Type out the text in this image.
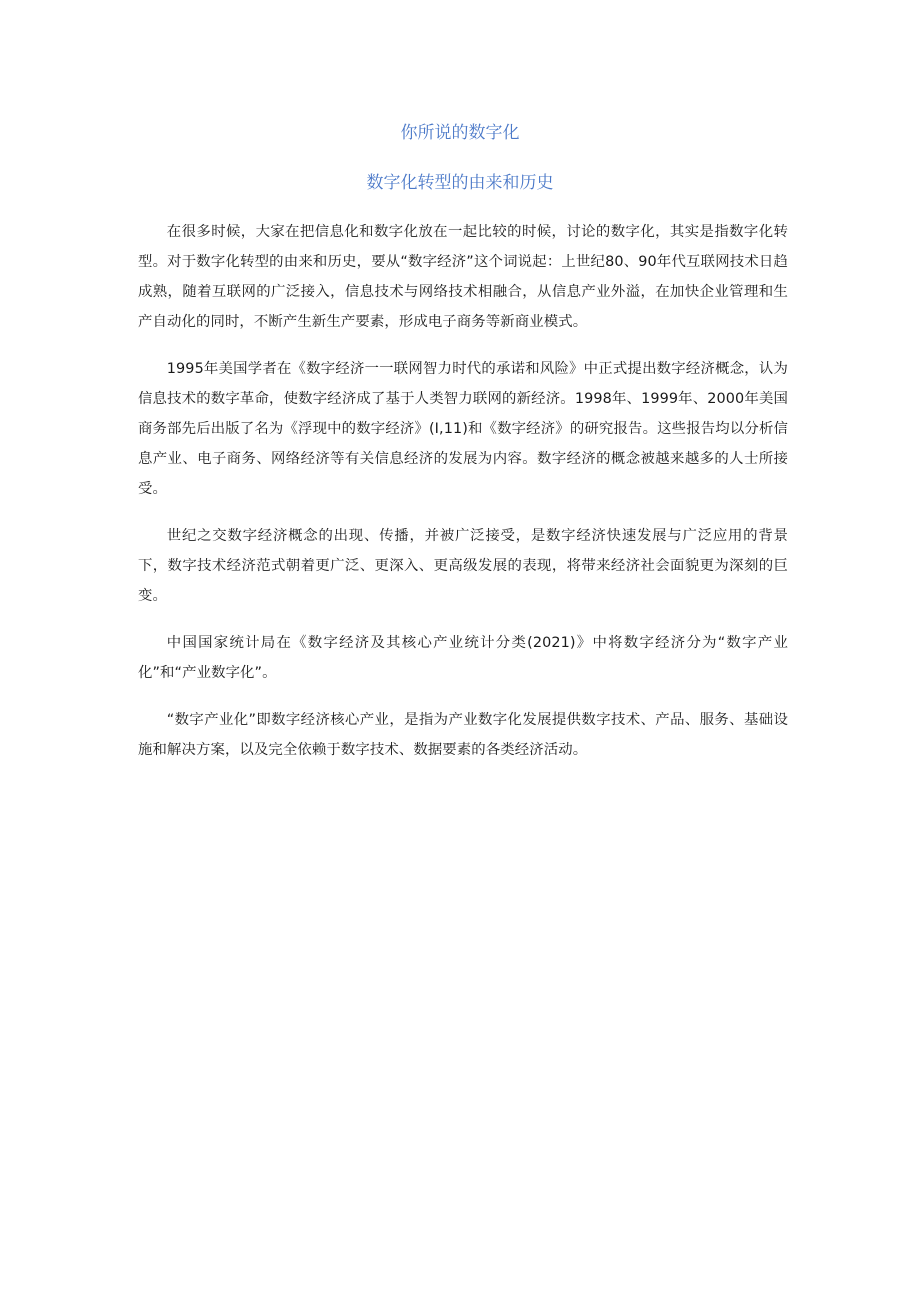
你所说的数字化
数字化转型的由来和历史

在很多时候，大家在把信息化和数字化放在一起比较的时候，讨论的数字化，其实是指数字化转型。对于数字化转型的由来和历史，要从“数字经济”这个词说起：上世纪80、90年代互联网技术日趋成熟，随着互联网的广泛接入，信息技术与网络技术相融合，从信息产业外溢，在加快企业管理和生产自动化的同时，不断产生新生产要素，形成电子商务等新商业模式。

1995年美国学者在《数字经济一一联网智力时代的承诺和风险》中正式提出数字经济概念，认为信息技术的数字革命，使数字经济成了基于人类智力联网的新经济。1998年、1999年、2000年美国商务部先后出版了名为《浮现中的数字经济》(I,11)和《数字经济》的研究报告。这些报告均以分析信息产业、电子商务、网络经济等有关信息经济的发展为内容。数字经济的概念被越来越多的人士所接受。

世纪之交数字经济概念的出现、传播，并被广泛接受，是数字经济快速发展与广泛应用的背景下，数字技术经济范式朝着更广泛、更深入、更高级发展的表现，将带来经济社会面貌更为深刻的巨变。

中国国家统计局在《数字经济及其核心产业统计分类(2021)》中将数字经济分为“数字产业化”和“产业数字化”。

“数字产业化”即数字经济核心产业，是指为产业数字化发展提供数字技术、产品、服务、基础设施和解决方案，以及完全依赖于数字技术、数据要素的各类经济活动。
